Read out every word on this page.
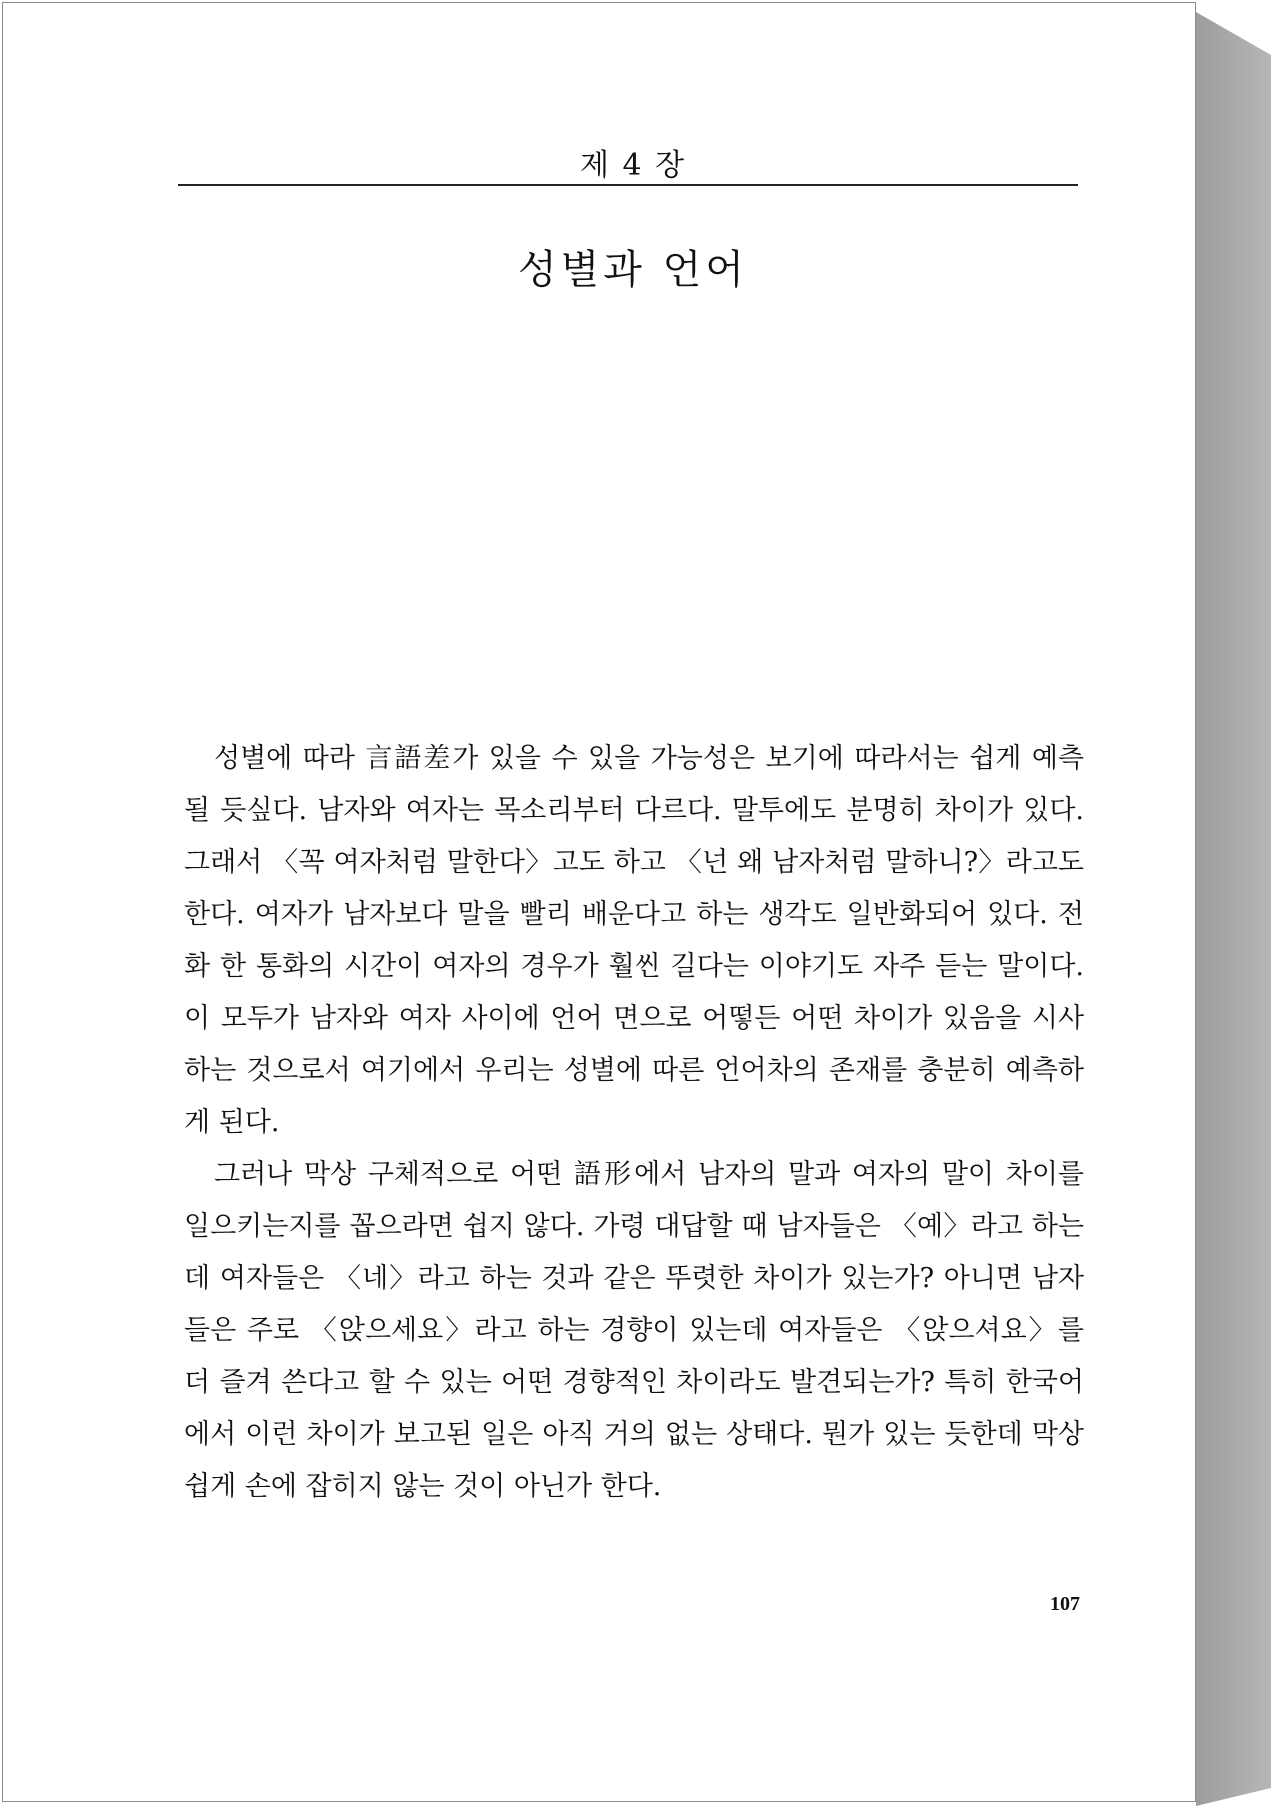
제 4 장
성별과 언어

성별에 따라 言語差가 있을 수 있을 가능성은 보기에 따라서는 쉽게 예측될 듯싶다. 남자와 여자는 목소리부터 다르다. 말투에도 분명히 차이가 있다. 그래서 〈꼭 여자처럼 말한다〉고도 하고 〈넌 왜 남자처럼 말하니?〉라고도 한다. 여자가 남자보다 말을 빨리 배운다고 하는 생각도 일반화되어 있다. 전화 한 통화의 시간이 여자의 경우가 훨씬 길다는 이야기도 자주 듣는 말이다. 이 모두가 남자와 여자 사이에 언어 면으로 어떻든 어떤 차이가 있음을 시사하는 것으로서 여기에서 우리는 성별에 따른 언어차의 존재를 충분히 예측하게 된다.

그러나 막상 구체적으로 어떤 語形에서 남자의 말과 여자의 말이 차이를 일으키는지를 꼽으라면 쉽지 않다. 가령 대답할 때 남자들은 〈예〉라고 하는데 여자들은 〈네〉라고 하는 것과 같은 뚜렷한 차이가 있는가? 아니면 남자들은 주로 〈앉으세요〉라고 하는 경향이 있는데 여자들은 〈앉으셔요〉를 더 즐겨 쓴다고 할 수 있는 어떤 경향적인 차이라도 발견되는가? 특히 한국어에서 이런 차이가 보고된 일은 아직 거의 없는 상태다. 뭔가 있는 듯한데 막상 쉽게 손에 잡히지 않는 것이 아닌가 한다.

107
